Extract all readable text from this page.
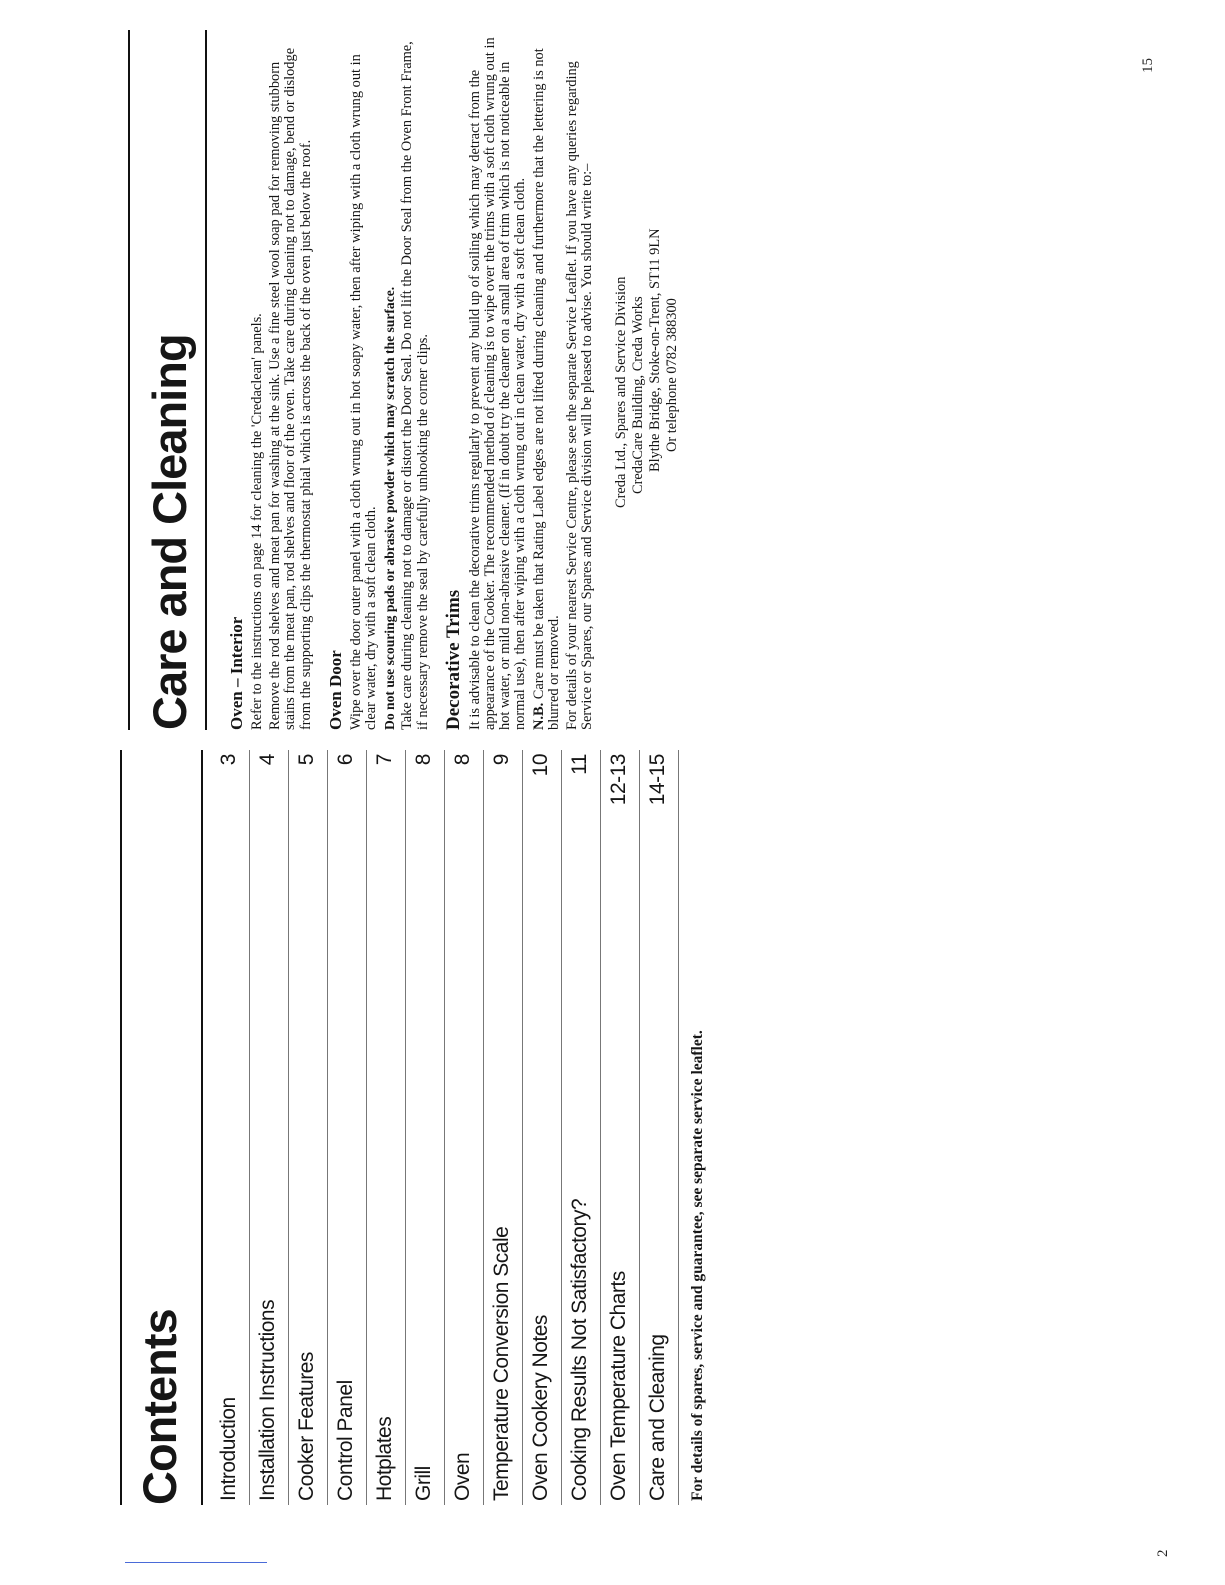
2
15
Contents Introduction
3
Installation Instructions
4
Cooker Features
5
Control Panel
6
Hotplates
7
Grill
8
Oven
8
Temperature Conversion Scale
9
Oven Cookery Notes
10
Cooking Results Not Satisfactory?
11
Oven Temperature Charts
12-13
Care and Cleaning
14-15
For details of spares, service and guarantee, see separate service leaflet.
Care and Cleaning Oven – Interior Refer to the instructions on page 14 for cleaning the 'Credaclean' panels. Remove the rod shelves and meat pan for washing at the sink. Use a fine steel wool soap pad for removing stubborn stains from the meat pan, rod shelves and floor of the oven. Take care during cleaning not to damage, bend or dislodge from the supporting clips the thermostat phial which is across the back of the oven just below the roof. Oven Door Wipe over the door outer panel with a cloth wrung out in hot soapy water, then after wiping with a cloth wrung out in clear water, dry with a soft clean cloth. Do not use scouring pads or abrasive powder which may scratch the surface. Take care during cleaning not to damage or distort the Door Seal. Do not lift the Door Seal from the Oven Front Frame, if necessary remove the seal by carefully unhooking the corner clips. Decorative Trims It is advisable to clean the decorative trims regularly to prevent any build up of soiling which may detract from the appearance of the Cooker. The recommended method of cleaning is to wipe over the trims with a soft cloth wrung out in hot water, or mild non-abrasive cleaner. (If in doubt try the cleaner on a small area of trim which is not noticeable in normal use), then after wiping with a cloth wrung out in clean water, dry with a soft clean cloth. N.B. Care must be taken that Rating Label edges are not lifted during cleaning and furthermore that the lettering is not blurred or removed. For details of your nearest Service Centre, please see the separate Service Leaflet. If you have any queries regarding Service or Spares, our Spares and Service division will be pleased to advise. You should write to:– Creda Ltd., Spares and Service Division CredaCare Building, Creda Works Blythe Bridge, Stoke-on-Trent, ST11 9LN Or telephone 0782 388300
